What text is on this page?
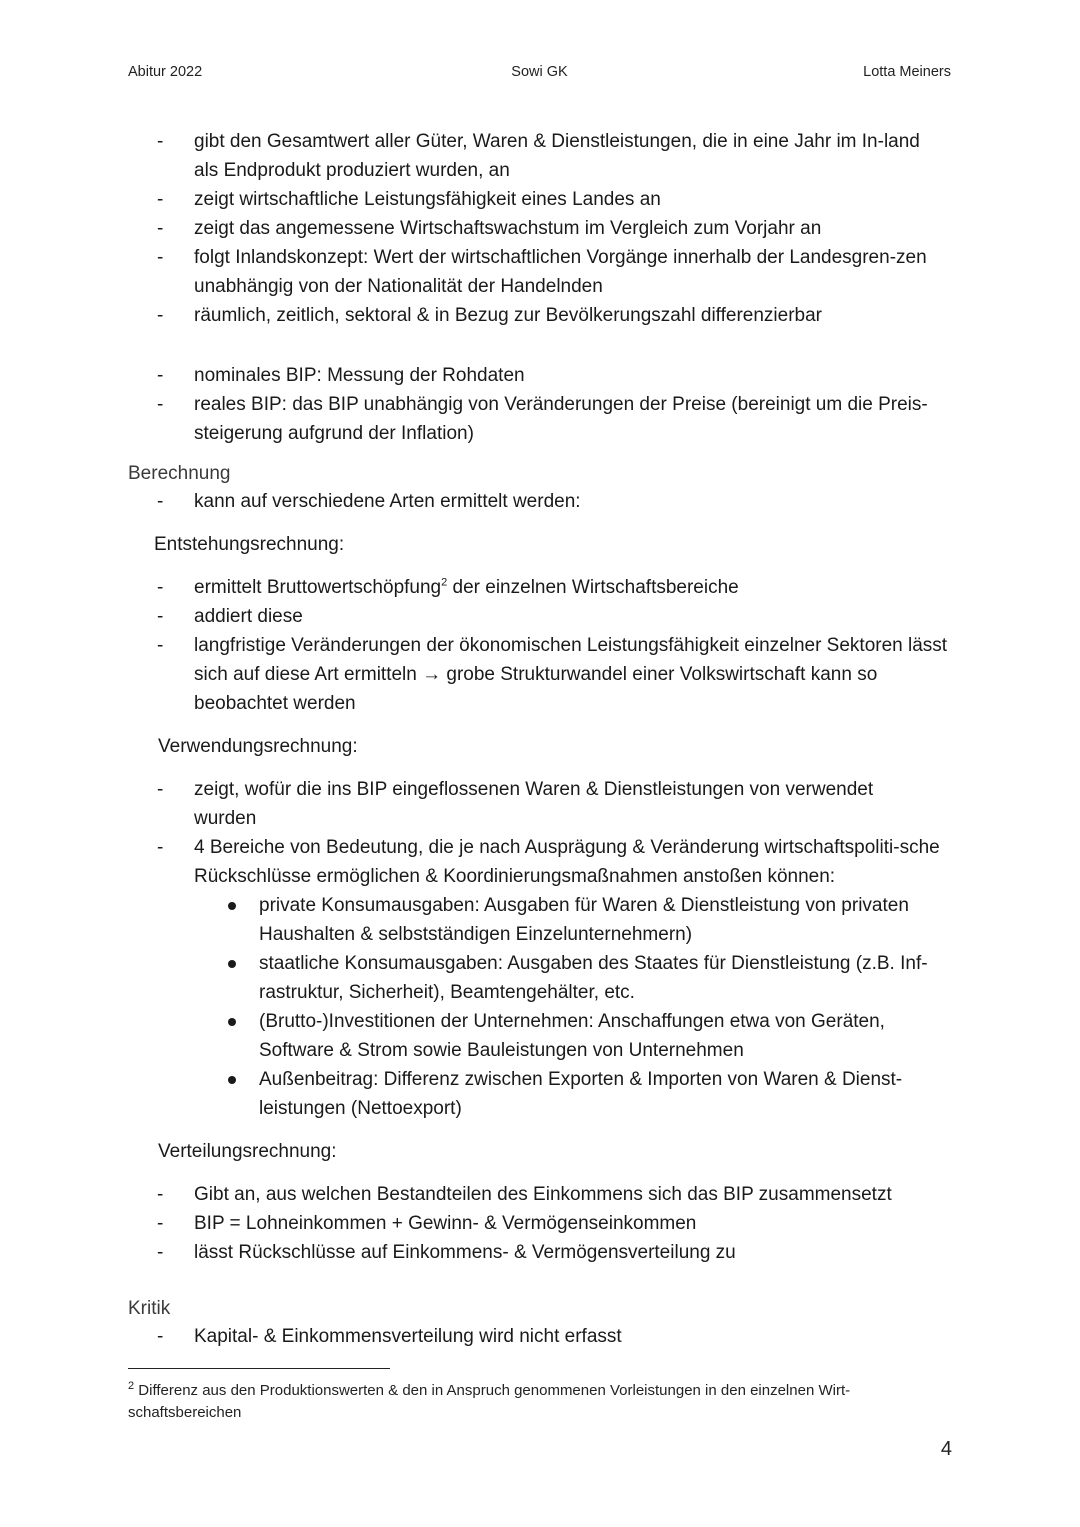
Abitur 2022	Sowi GK	Lotta Meiners
- gibt den Gesamtwert aller Güter, Waren & Dienstleistungen, die in eine Jahr im In-land als Endprodukt produziert wurden, an
- zeigt wirtschaftliche Leistungsfähigkeit eines Landes an
- zeigt das angemessene Wirtschaftswachstum im Vergleich zum Vorjahr an
- folgt Inlandskonzept: Wert der wirtschaftlichen Vorgänge innerhalb der Landesgren-zen unabhängig von der Nationalität der Handelnden
- räumlich, zeitlich, sektoral & in Bezug zur Bevölkerungszahl differenzierbar
- nominales BIP: Messung der Rohdaten
- reales BIP: das BIP unabhängig von Veränderungen der Preise (bereinigt um die Preis-steigerung aufgrund der Inflation)
Berechnung
- kann auf verschiedene Arten ermittelt werden:
Entstehungsrechnung:
- ermittelt Bruttowertschöpfung$^2$ der einzelnen Wirtschaftsbereiche
- addiert diese
- langfristige Veränderungen der ökonomischen Leistungsfähigkeit einzelner Sektoren lässt sich auf diese Art ermitteln → grobe Strukturwandel einer Volkswirtschaft kann so beobachtet werden
Verwendungsrechnung:
- zeigt, wofür die ins BIP eingeflossenen Waren & Dienstleistungen von verwendet wurden
- 4 Bereiche von Bedeutung, die je nach Ausprägung & Veränderung wirtschaftspoliti-sche Rückschlüsse ermöglichen & Koordinierungsmaßnahmen anstoßen können:
private Konsumausgaben: Ausgaben für Waren & Dienstleistung von privaten Haushalten & selbstständigen Einzelunternehmern)
staatliche Konsumausgaben: Ausgaben des Staates für Dienstleistung (z.B. Inf-rastruktur, Sicherheit), Beamtengehälter, etc.
(Brutto-)Investitionen der Unternehmen: Anschaffungen etwa von Geräten, Software & Strom sowie Bauleistungen von Unternehmen
Außenbeitrag: Differenz zwischen Exporten & Importen von Waren & Dienst-leistungen (Nettoexport)
Verteilungsrechnung:
- Gibt an, aus welchen Bestandteilen des Einkommens sich das BIP zusammensetzt
- BIP = Lohneinkommen + Gewinn- & Vermögenseinkommen
- lässt Rückschlüsse auf Einkommens- & Vermögensverteilung zu
Kritik
- Kapital- & Einkommensverteilung wird nicht erfasst
$^2$ Differenz aus den Produktionswerten & den in Anspruch genommenen Vorleistungen in den einzelnen Wirt-schaftsbereichen
4
